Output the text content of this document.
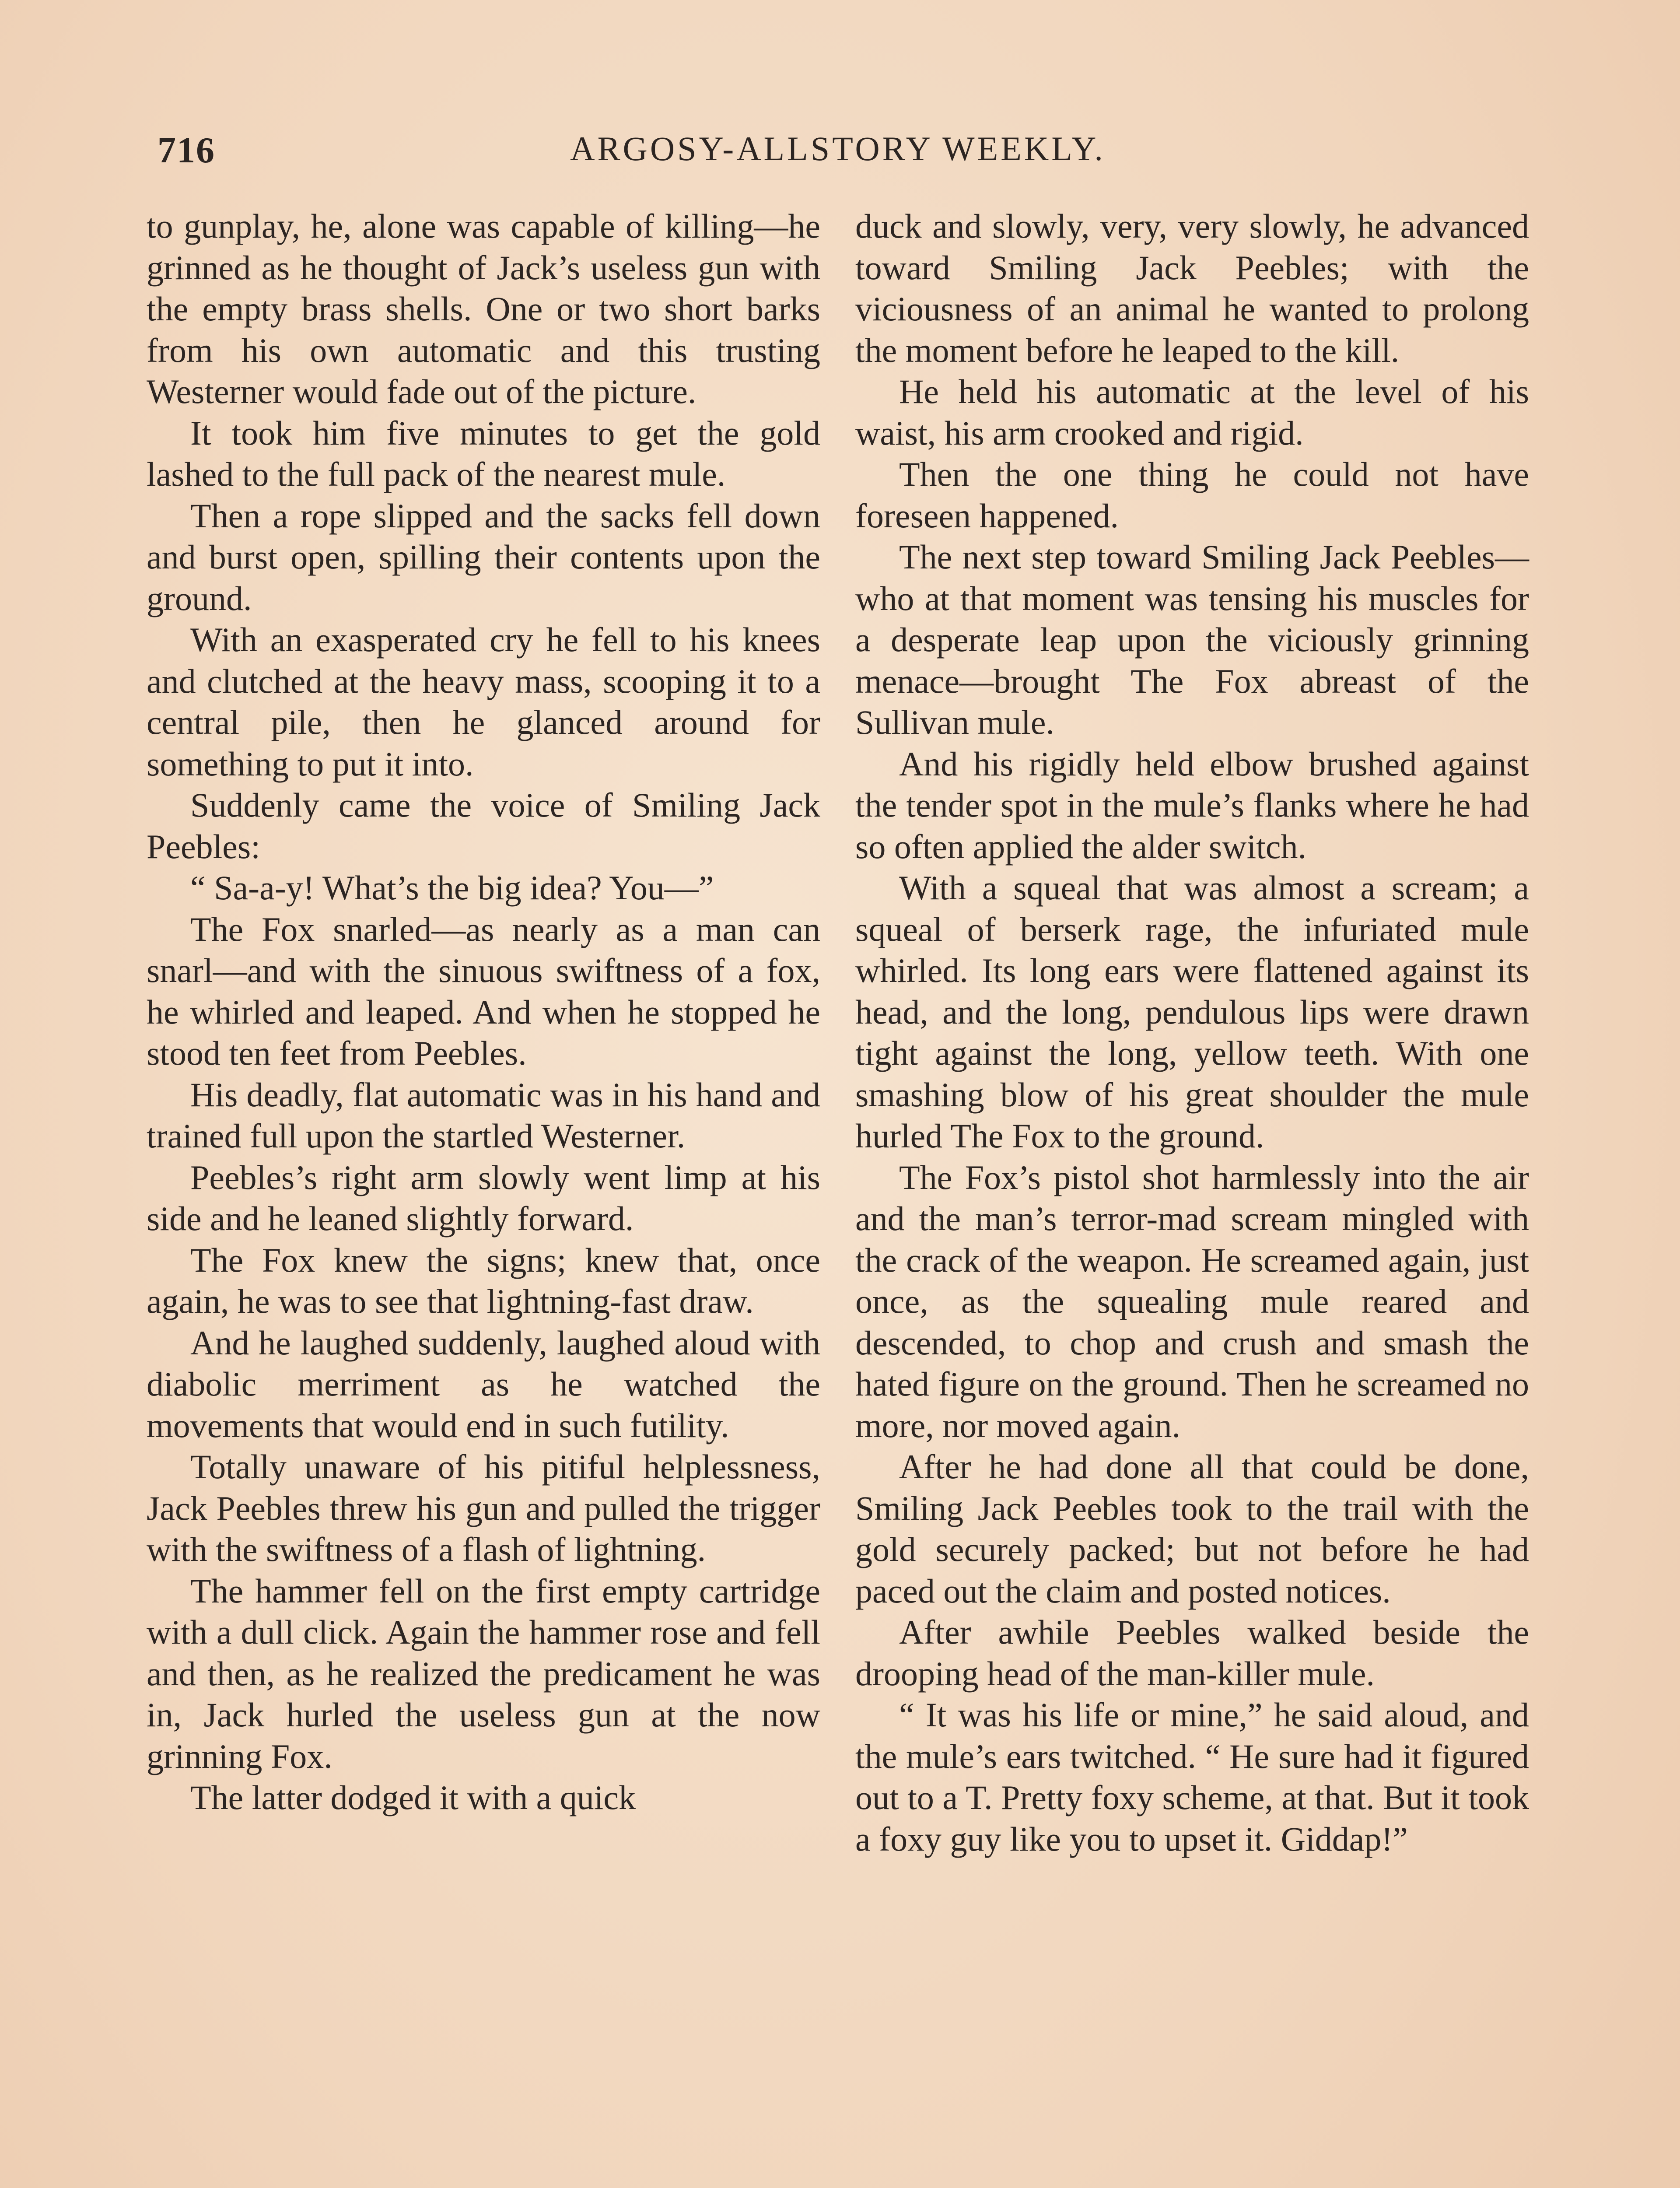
716	ARGOSY-ALLSTORY WEEKLY.

to gunplay, he, alone was capable of killing—he grinned as he thought of Jack’s useless gun with the empty brass shells. One or two short barks from his own automatic and this trusting Westerner would fade out of the picture.

It took him five minutes to get the gold lashed to the full pack of the nearest mule.

Then a rope slipped and the sacks fell down and burst open, spilling their contents upon the ground.

With an exasperated cry he fell to his knees and clutched at the heavy mass, scooping it to a central pile, then he glanced around for something to put it into.

Suddenly came the voice of Smiling Jack Peebles:

“ Sa-a-y! What’s the big idea? You—”

The Fox snarled—as nearly as a man can snarl—and with the sinuous swiftness of a fox, he whirled and leaped. And when he stopped he stood ten feet from Peebles.

His deadly, flat automatic was in his hand and trained full upon the startled Westerner.

Peebles’s right arm slowly went limp at his side and he leaned slightly forward.

The Fox knew the signs; knew that, once again, he was to see that lightning-fast draw.

And he laughed suddenly, laughed aloud with diabolic merriment as he watched the movements that would end in such futility.

Totally unaware of his pitiful helplessness, Jack Peebles threw his gun and pulled the trigger with the swiftness of a flash of lightning.

The hammer fell on the first empty cartridge with a dull click. Again the hammer rose and fell and then, as he realized the predicament he was in, Jack hurled the useless gun at the now grinning Fox.

The latter dodged it with a quick

duck and slowly, very, very slowly, he advanced toward Smiling Jack Peebles; with the viciousness of an animal he wanted to prolong the moment before he leaped to the kill.

He held his automatic at the level of his waist, his arm crooked and rigid.

Then the one thing he could not have foreseen happened.

The next step toward Smiling Jack Peebles—who at that moment was tensing his muscles for a desperate leap upon the viciously grinning menace—brought The Fox abreast of the Sullivan mule.

And his rigidly held elbow brushed against the tender spot in the mule’s flanks where he had so often applied the alder switch.

With a squeal that was almost a scream; a squeal of berserk rage, the infuriated mule whirled. Its long ears were flattened against its head, and the long, pendulous lips were drawn tight against the long, yellow teeth. With one smashing blow of his great shoulder the mule hurled The Fox to the ground.

The Fox’s pistol shot harmlessly into the air and the man’s terror-mad scream mingled with the crack of the weapon. He screamed again, just once, as the squealing mule reared and descended, to chop and crush and smash the hated figure on the ground. Then he screamed no more, nor moved again.

After he had done all that could be done, Smiling Jack Peebles took to the trail with the gold securely packed; but not before he had paced out the claim and posted notices.

After awhile Peebles walked beside the drooping head of the man-killer mule.

“ It was his life or mine,” he said aloud, and the mule’s ears twitched. “ He sure had it figured out to a T. Pretty foxy scheme, at that. But it took a foxy guy like you to upset it. Giddap!”
